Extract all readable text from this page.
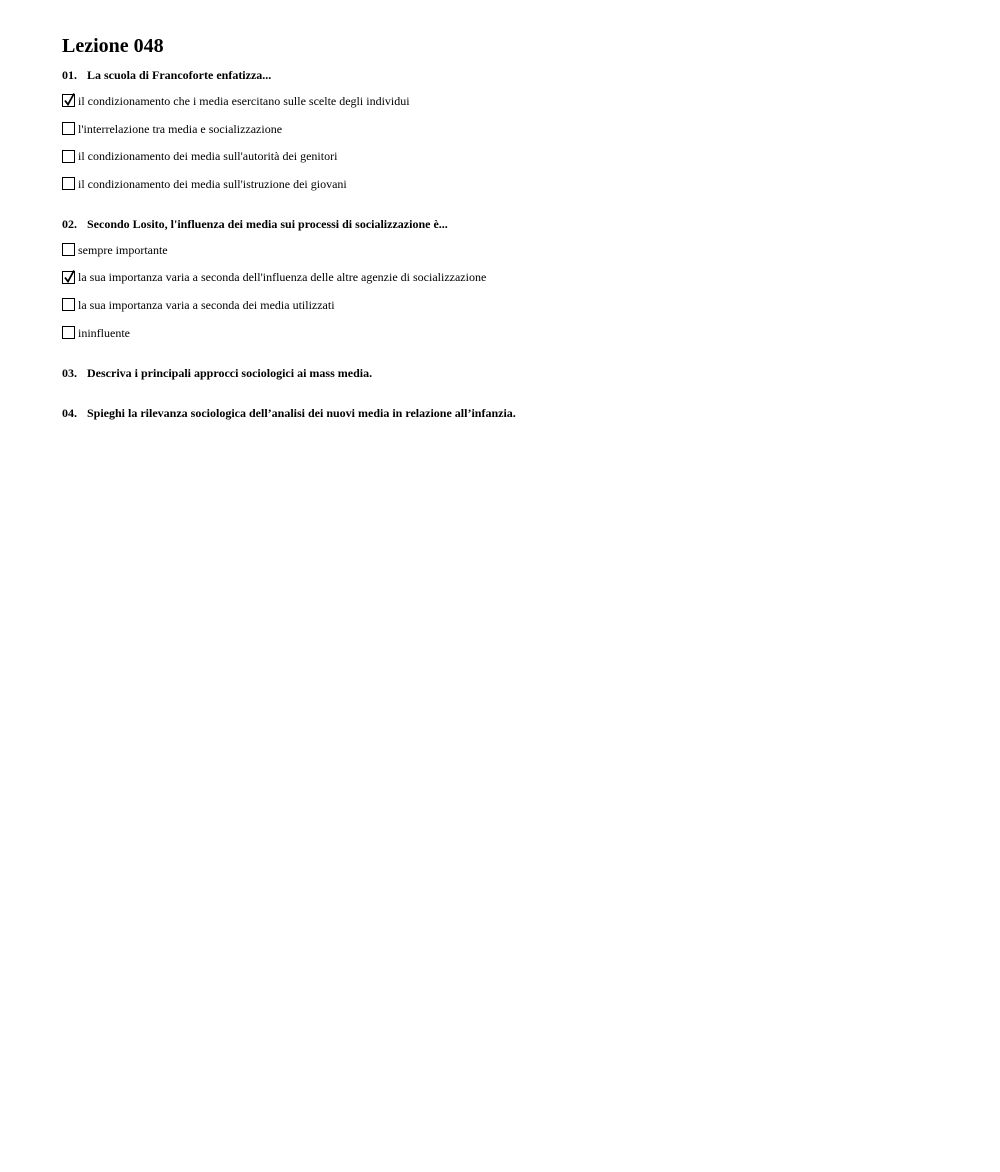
Lezione 048
01. La scuola di Francoforte enfatizza...
il condizionamento che i media esercitano sulle scelte degli individui
l'interrelazione tra media e socializzazione
il condizionamento dei media sull'autorità dei genitori
il condizionamento dei media sull'istruzione dei giovani
02. Secondo Losito, l'influenza dei media sui processi di socializzazione è...
sempre importante
la sua importanza varia a seconda dell'influenza delle altre agenzie di socializzazione
la sua importanza varia a seconda dei media utilizzati
ininfluente
03. Descriva i principali approcci sociologici ai mass media.
04. Spieghi la rilevanza sociologica dell’analisi dei nuovi media in relazione all’infanzia.
